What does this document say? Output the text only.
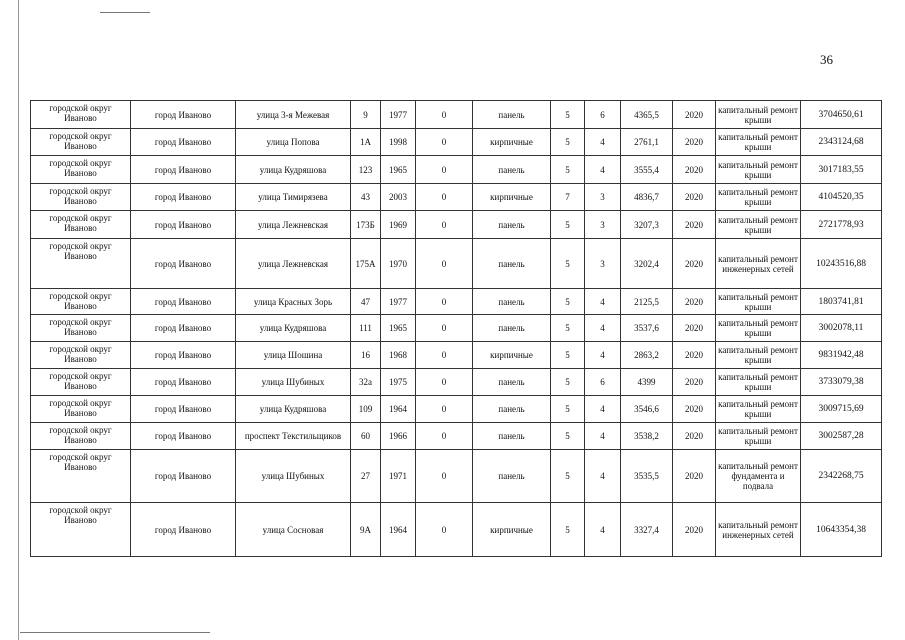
36
городской округ Иваново	город Иваново	улица 3-я Межевая	9	1977	0	панель	5	6	4365,5	2020	капитальный ремонт крыши	3704650,61
городской округ Иваново	город Иваново	улица Попова	1А	1998	0	кирпичные	5	4	2761,1	2020	капитальный ремонт крыши	2343124,68
городской округ Иваново	город Иваново	улица Кудряшова	123	1965	0	панель	5	4	3555,4	2020	капитальный ремонт крыши	3017183,55
городской округ Иваново	город Иваново	улица Тимирязева	43	2003	0	кирпичные	7	3	4836,7	2020	капитальный ремонт крыши	4104520,35
городской округ Иваново	город Иваново	улица Лежневская	173Б	1969	0	панель	5	3	3207,3	2020	капитальный ремонт крыши	2721778,93
городской округ Иваново	город Иваново	улица Лежневская	175А	1970	0	панель	5	3	3202,4	2020	капитальный ремонт инженерных сетей	10243516,88
городской округ Иваново	город Иваново	улица Красных Зорь	47	1977	0	панель	5	4	2125,5	2020	капитальный ремонт крыши	1803741,81
городской округ Иваново	город Иваново	улица Кудряшова	111	1965	0	панель	5	4	3537,6	2020	капитальный ремонт крыши	3002078,11
городской округ Иваново	город Иваново	улица Шошина	16	1968	0	кирпичные	5	4	2863,2	2020	капитальный ремонт крыши	9831942,48
городской округ Иваново	город Иваново	улица Шубиных	32а	1975	0	панель	5	6	4399	2020	капитальный ремонт крыши	3733079,38
городской округ Иваново	город Иваново	улица Кудряшова	109	1964	0	панель	5	4	3546,6	2020	капитальный ремонт крыши	3009715,69
городской округ Иваново	город Иваново	проспект Текстильщиков	60	1966	0	панель	5	4	3538,2	2020	капитальный ремонт крыши	3002587,28
городской округ Иваново	город Иваново	улица Шубиных	27	1971	0	панель	5	4	3535,5	2020	капитальный ремонт фундамента и подвала	2342268,75
городской округ Иваново	город Иваново	улица Сосновая	9А	1964	0	кирпичные	5	4	3327,4	2020	капитальный ремонт инженерных сетей	10643354,38
